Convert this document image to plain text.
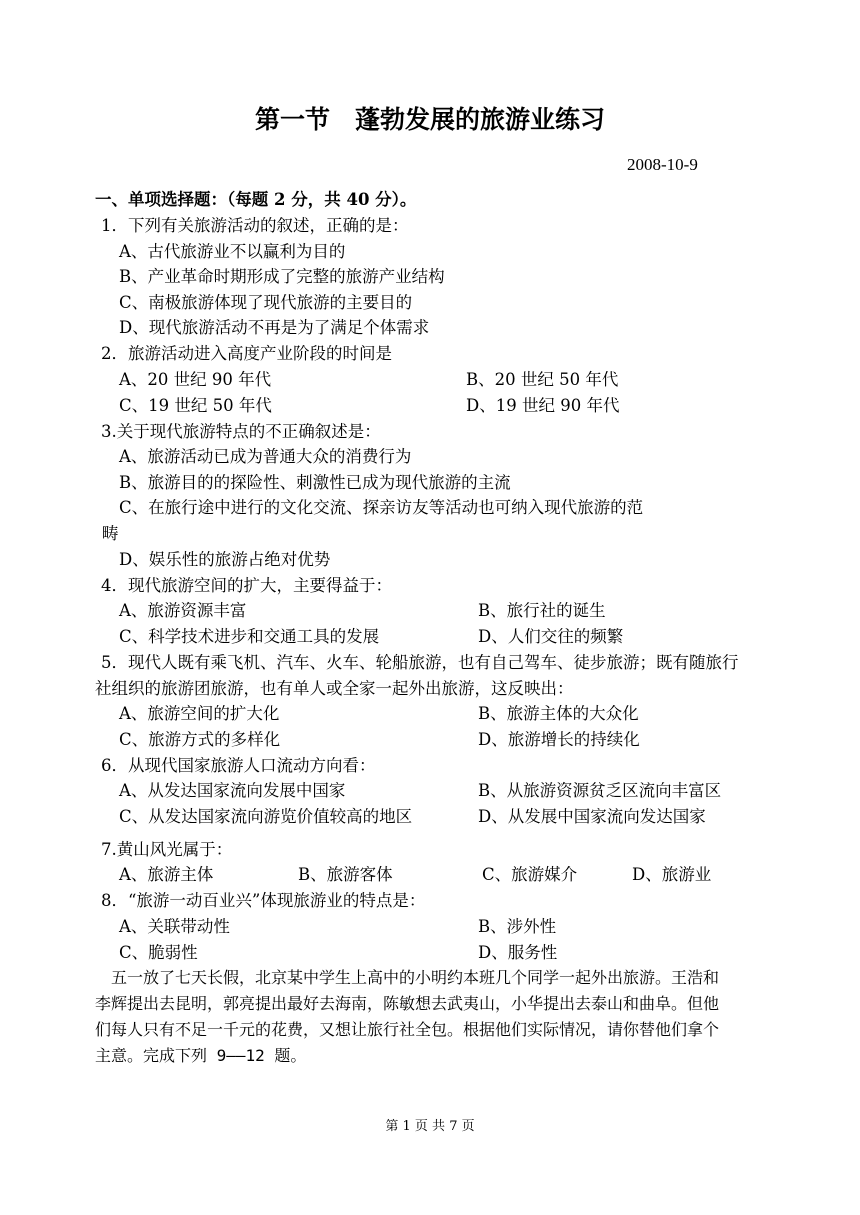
第一节　蓬勃发展的旅游业练习
2008-10-9
一、单项选择题：（每题 2 分，共 40 分）。
1．下列有关旅游活动的叙述，正确的是：
A、古代旅游业不以赢利为目的
B、产业革命时期形成了完整的旅游产业结构
C、南极旅游体现了现代旅游的主要目的
D、现代旅游活动不再是为了满足个体需求
2．旅游活动进入高度产业阶段的时间是
A、20 世纪 90 年代	B、20 世纪 50 年代
C、19 世纪 50 年代	D、19 世纪 90 年代
3.关于现代旅游特点的不正确叙述是：
A、旅游活动已成为普通大众的消费行为
B、旅游目的的探险性、刺激性已成为现代旅游的主流
C、在旅行途中进行的文化交流、探亲访友等活动也可纳入现代旅游的范
畴
D、娱乐性的旅游占绝对优势
4．现代旅游空间的扩大，主要得益于：
A、旅游资源丰富	B、旅行社的诞生
C、科学技术进步和交通工具的发展	D、人们交往的频繁
5．现代人既有乘飞机、汽车、火车、轮船旅游，也有自己驾车、徒步旅游；既有随旅行
社组织的旅游团旅游，也有单人或全家一起外出旅游，这反映出：
A、旅游空间的扩大化	B、旅游主体的大众化
C、旅游方式的多样化	D、旅游增长的持续化
6．从现代国家旅游人口流动方向看：
A、从发达国家流向发展中国家	B、从旅游资源贫乏区流向丰富区
C、从发达国家流向游览价值较高的地区	D、从发展中国家流向发达国家
7.黄山风光属于：
A、旅游主体	B、旅游客体	C、旅游媒介	D、旅游业
8．“旅游一动百业兴”体现旅游业的特点是：
A、关联带动性	B、涉外性
C、脆弱性	D、服务性
　五一放了七天长假，北京某中学生上高中的小明约本班几个同学一起外出旅游。王浩和
李辉提出去昆明，郭亮提出最好去海南，陈敏想去武夷山，小华提出去泰山和曲阜。但他
们每人只有不足一千元的花费，又想让旅行社全包。根据他们实际情况，请你替他们拿个
主意。完成下列 9——12 题。
第 1 页 共 7 页
